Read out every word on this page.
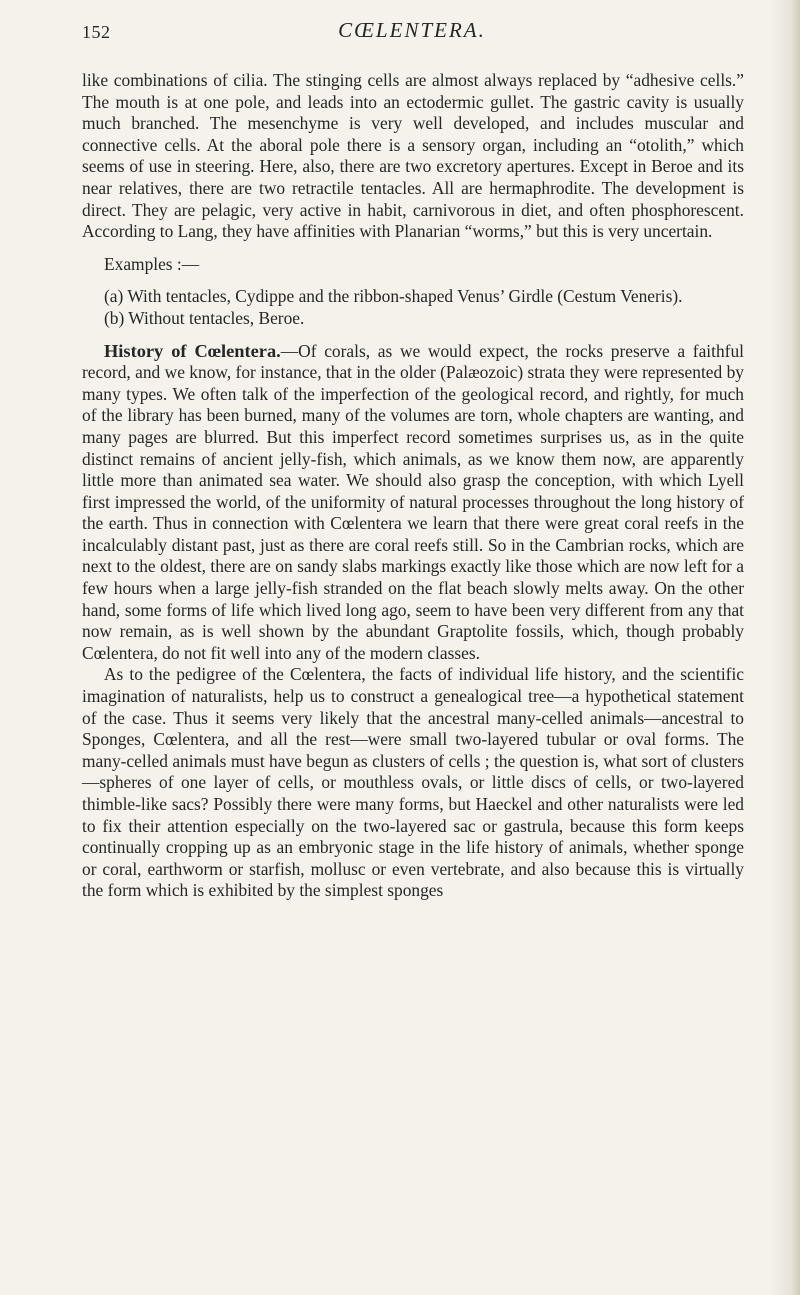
152	CŒLENTERA.

like combinations of cilia. The stinging cells are almost always replaced by “adhesive cells.” The mouth is at one pole, and leads into an ectodermic gullet. The gastric cavity is usually much branched. The mesenchyme is very well developed, and includes muscular and connective cells. At the aboral pole there is a sensory organ, including an “otolith,” which seems of use in steering. Here, also, there are two excretory apertures. Except in Beroe and its near relatives, there are two retractile tentacles. All are hermaphrodite. The development is direct. They are pelagic, very active in habit, carnivorous in diet, and often phosphorescent. According to Lang, they have affinities with Planarian “worms,” but this is very uncertain.

Examples :—

(a) With tentacles, Cydippe and the ribbon-shaped Venus’ Girdle (Cestum Veneris).

(b) Without tentacles, Beroe.

History of Cœlentera.—Of corals, as we would expect, the rocks preserve a faithful record, and we know, for instance, that in the older (Palæozoic) strata they were represented by many types. We often talk of the imperfection of the geological record, and rightly, for much of the library has been burned, many of the volumes are torn, whole chapters are wanting, and many pages are blurred. But this imperfect record sometimes surprises us, as in the quite distinct remains of ancient jelly-fish, which animals, as we know them now, are apparently little more than animated sea water. We should also grasp the conception, with which Lyell first impressed the world, of the uniformity of natural processes throughout the long history of the earth. Thus in connection with Cœlentera we learn that there were great coral reefs in the incalculably distant past, just as there are coral reefs still. So in the Cambrian rocks, which are next to the oldest, there are on sandy slabs markings exactly like those which are now left for a few hours when a large jelly-fish stranded on the flat beach slowly melts away. On the other hand, some forms of life which lived long ago, seem to have been very different from any that now remain, as is well shown by the abundant Graptolite fossils, which, though probably Cœlentera, do not fit well into any of the modern classes.

As to the pedigree of the Cœlentera, the facts of individual life history, and the scientific imagination of naturalists, help us to construct a genealogical tree—a hypothetical statement of the case. Thus it seems very likely that the ancestral many-celled animals—ancestral to Sponges, Cœlentera, and all the rest—were small two-layered tubular or oval forms. The many-celled animals must have begun as clusters of cells ; the question is, what sort of clusters—spheres of one layer of cells, or mouthless ovals, or little discs of cells, or two-layered thimble-like sacs? Possibly there were many forms, but Haeckel and other naturalists were led to fix their attention especially on the two-layered sac or gastrula, because this form keeps continually cropping up as an embryonic stage in the life history of animals, whether sponge or coral, earthworm or starfish, mollusc or even vertebrate, and also because this is virtually the form which is exhibited by the simplest sponges
